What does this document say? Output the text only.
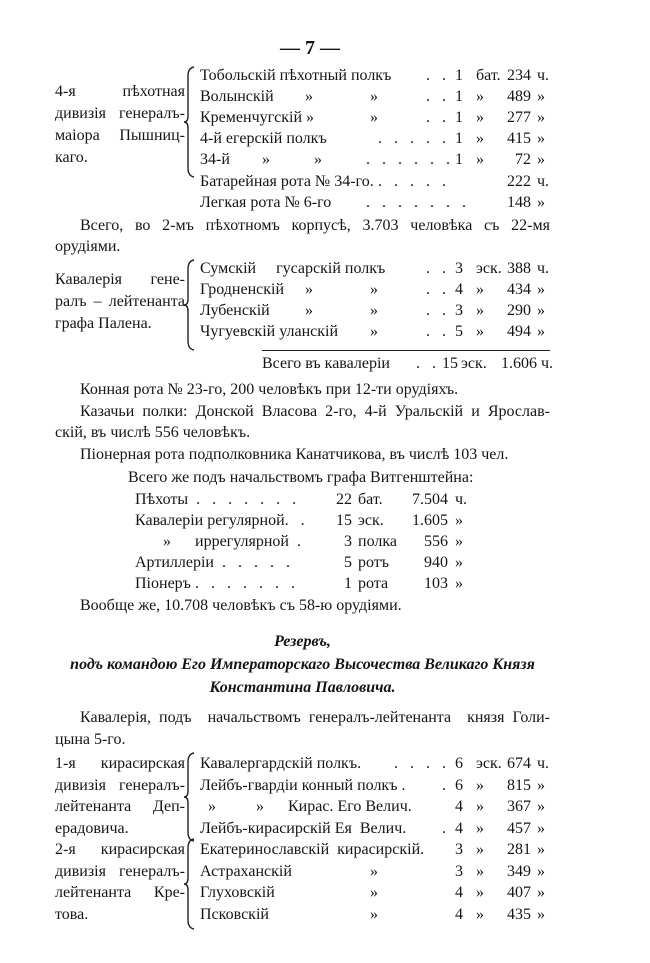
— 7 —
4-я пѣхотная
дивизія генералъ-
маіора Пышниц-
каго.
Тобольскій пѣхотный полкъ	.   . 1 бат. 234 ч.
Волынскій »	»	.   . 1 »	489 »
Кременчугскій »	»	.   . 1 »	277 »
4-й егерскій полкъ	.   .   .   .   . 1 »	415 »
34-й »	»	.   .   .   .   .   . 1 »	72 »
Батарейная рота № 34-го. .   .   .   .   .	222 ч.
Легкая рота № 6-го .   .   .   .   .   .   .	148 »
Всего, во 2-мъ пѣхотномъ корпусѣ, 3.703 человѣка съ 22-мя
орудіями.
Кавалерія гене-
ралъ – лейтенанта
графа Палена.
Сумскій     гусарскій полкъ	.   . 3 эск. 388 ч.
Гродненскій »	»	.   . 4 »	434 »
Лубенскій »	»	.   . 3 »	290 »
Чугуевскій уланскій »	.   . 5 »	494 »
Всего въ кавалеріи	.   . 15 эск. 1.606 ч.
Конная рота № 23-го, 200 человѣкъ при 12-ти орудіяхъ.
Казачьи полки: Донской Власова 2-го, 4-й Уральскій и Ярослав-
скій, въ числѣ 556 человѣкъ.
Піонерная рота подполковника Канатчикова, въ числѣ 103 чел.
Всего же подъ начальствомъ графа Витгенштейна:
Пѣхоты  .   .   .   .   .   .   .	22 бат.	7.504 ч.
Кавалеріи регулярной.   .	15 эск.	1.605 »
»      иррегулярной  .	3 полка	556 »
Артиллеріи  .   .   .   .   .	5 ротъ	940 »
Піонеръ .   .   .   .   .   .   .	1 рота	103 »
Вообще же, 10.708 человѣкъ съ 58-ю орудіями.
Резервъ,
подъ командою Его Императорскаго Высочества Великаго Князя
Константина Павловича.
Кавалерія, подъ  начальствомъ генералъ-лейтенанта  князя Голи-
цына 5-го.
1-я кирасирская
дивизія генералъ-
лейтенанта  Деп-
ерадовича.
Кавалергардскій полкъ.	.   .   .   . 6 эск. 674 ч.
Лейбъ-гвардіи конный полкъ .	. 6 »	815 »
»          »      Кирас. Его Велич.	4 »	367 »
Лейбъ-кирасирскій Ея  Велич.	. 4 »	457 »
2-я кирасирская
дивизія генералъ-
лейтенанта  Кре-
това.
Екатеринославскій  кирасирскій.	3 »	281 »
Астраханскій	»	3 »	349 »
Глуховскій	»	4 »	407 »
Псковскій	»	4 »	435 »
